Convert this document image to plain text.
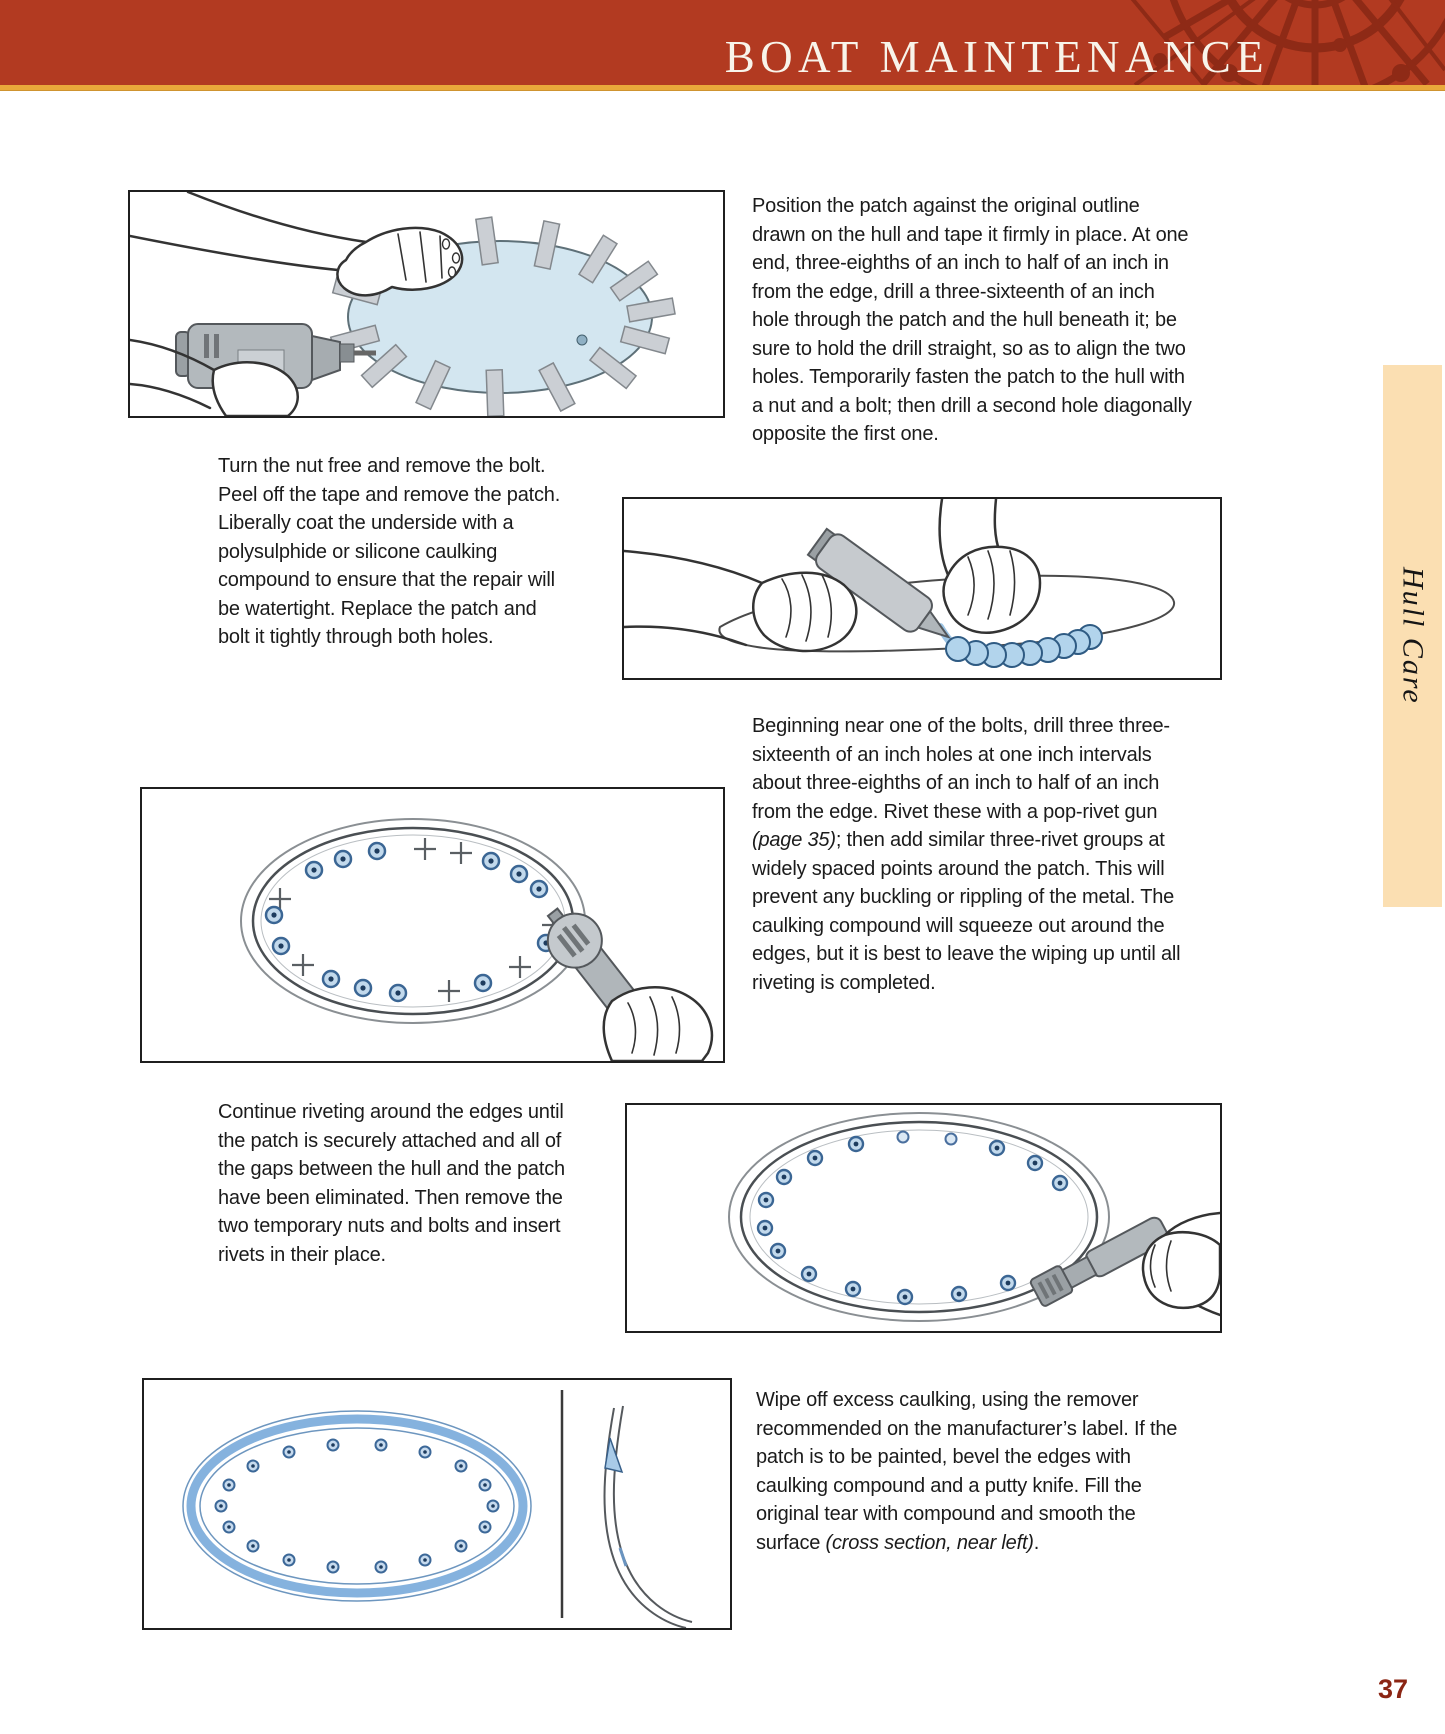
BOAT MAINTENANCE
Hull Care

Position the patch against the original outline drawn on the hull and tape it firmly in place. At one end, three-eighths of an inch to half of an inch in from the edge, drill a three-sixteenth of an inch hole through the patch and the hull beneath it; be sure to hold the drill straight, so as to align the two holes. Temporarily fasten the patch to the hull with a nut and a bolt; then drill a second hole diagonally opposite the first one.

Turn the nut free and remove the bolt. Peel off the tape and remove the patch. Liberally coat the underside with a polysulphide or silicone caulking compound to ensure that the repair will be watertight. Replace the patch and bolt it tightly through both holes.

Beginning near one of the bolts, drill three three-sixteenth of an inch holes at one inch intervals about three-eighths of an inch to half of an inch from the edge. Rivet these with a pop-rivet gun (page 35); then add similar three-rivet groups at widely spaced points around the patch. This will prevent any buckling or rippling of the metal. The caulking compound will squeeze out around the edges, but it is best to leave the wiping up until all riveting is completed.

Continue riveting around the edges until the patch is securely attached and all of the gaps between the hull and the patch have been eliminated. Then remove the two temporary nuts and bolts and insert rivets in their place.

Wipe off excess caulking, using the remover recommended on the manufacturer’s label. If the patch is to be painted, bevel the edges with caulking compound and a putty knife. Fill the original tear with compound and smooth the surface (cross section, near left).

37
